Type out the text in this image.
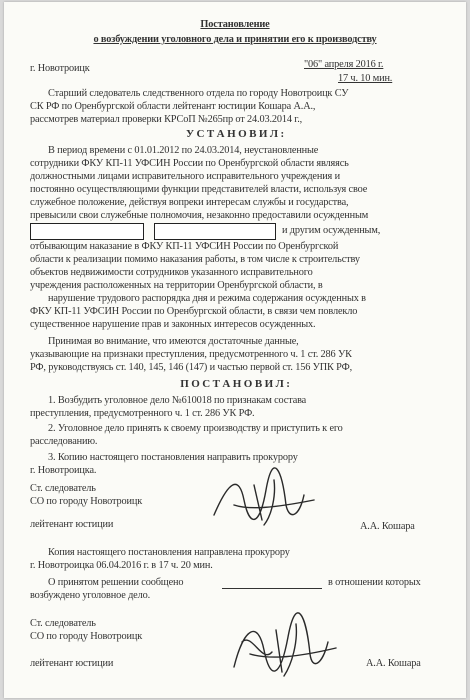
Постановление
о возбуждении уголовного дела и принятии его к производству
г. Новотроицк	"06" апреля 2016 г.
17 ч. 10 мин.
Старший следователь следственного отдела по городу Новотроицк СУ
СК РФ по Оренбургской области лейтенант юстиции Кошара А.А.,
рассмотрев материал проверки КРСоП №265пр от 24.03.2014 г.,
У С Т А Н О В И Л :
В период времени с 01.01.2012 по 24.03.2014, неустановленные
сотрудники ФКУ КП-11 УФСИН России по Оренбургской области являясь
должностными лицами исправительного исправительного учреждения и
постоянно осуществляющими функции представителей власти, используя свое
служебное положение, действуя вопреки интересам службы и государства,
превысили свои служебные полномочия, незаконно предоставили осужденным
и другим осужденным,
отбывающим наказание в ФКУ КП-11 УФСИН России по Оренбургской
области к реализации помимо наказания работы, в том числе к строительству
объектов недвижимости сотрудников указанного исправительного
учреждения расположенных на территории Оренбургской области, в
нарушение трудового распорядка дня и режима содержания осужденных в
ФКУ КП-11 УФСИН России по Оренбургской области, в связи чем повлекло
существенное нарушение прав и законных интересов осужденных.
Принимая во внимание, что имеются достаточные данные,
указывающие на признаки преступления, предусмотренного ч. 1 ст. 286 УК
РФ, руководствуясь ст. 140, 145, 146 (147) и частью первой ст. 156 УПК РФ,
П О С Т А Н О В И Л :
1. Возбудить уголовное дело №610018 по признакам состава
преступления, предусмотренного ч. 1 ст. 286 УК РФ.
2. Уголовное дело принять к своему производству и приступить к его
расследованию.
3. Копию настоящего постановления направить прокурору
г. Новотроицка.
Ст. следователь
СО по городу Новотроицк
лейтенант юстиции	А.А. Кошара
Копия настоящего постановления направлена прокурору
г. Новотроицка 06.04.2016 г. в 17 ч. 20 мин.
О принятом решении сообщено	в отношении которых
возбуждено уголовное дело.
Ст. следователь
СО по городу Новотроицк
лейтенант юстиции	А.А. Кошара
